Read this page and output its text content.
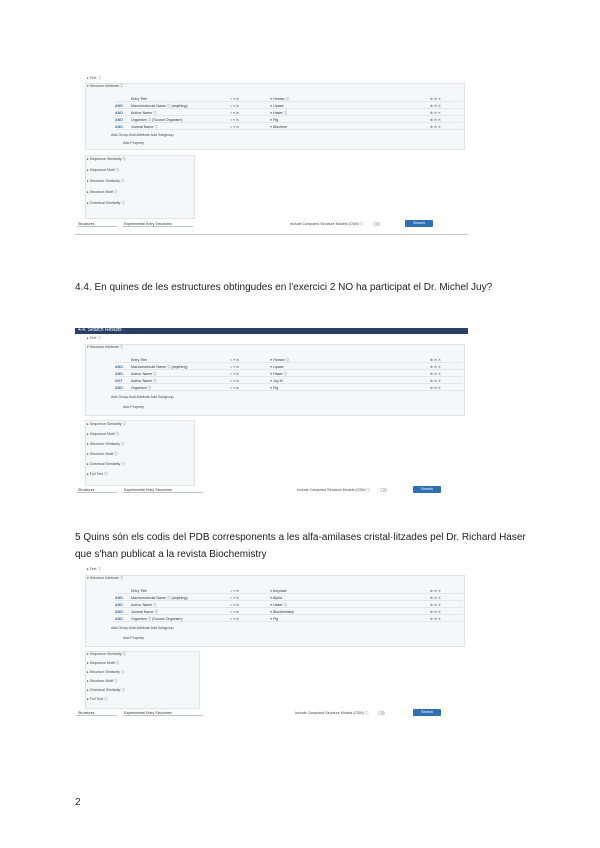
▸ Text ⓘ
▾ Structure Attribute ⓘ
Entry Title	= ≡ is	≡ Human ⓘ	⊕ ⊖ ✕
AND Macromolecule Name ⓘ (anything)	= ≡ is	≡ Lipase	⊕ ⊖ ✕
AND Author Name ⓘ	= ≡ is	≡ Haser ⓘ	⊕ ⊖ ✕
AND Organism ⓘ (Source Organism)	= ≡ is	≡ Pig	⊕ ⊖ ✕
AND Journal Name ⓘ	= ≡ is	≡ Biochem	⊕ ⊖ ✕
Add Group Add Attribute Add Subgroup
Add Property
▸ Sequence Similarity ⓘ
▸ Sequence Motif ⓘ
▸ Structure Similarity ⓘ
▸ Structure Motif ⓘ
▸ Chemical Similarity ⓘ
Structures	Experimental Entry Structures	Include Computed Structure Models (CSM) ⓘ	Search
4.4. En quines de les estructures obtingudes en l'exercici 2 NO ha participat el Dr. Michel Juy?
4.4. Search Results
▸ Text ⓘ
▾ Structure Attribute ⓘ
Entry Title	= ≡ is	≡ Human ⓘ	⊕ ⊖ ✕
AND Macromolecule Name ⓘ (anything)	= ≡ is	≡ Lipase	⊕ ⊖ ✕
AND Author Name ⓘ	= ≡ is	≡ Haser ⓘ	⊕ ⊖ ✕
NOT Author Name ⓘ	= ≡ is	≡ Juy M	⊕ ⊖ ✕
AND Organism ⓘ	= ≡ is	≡ Pig	⊕ ⊖ ✕
Add Group Add Attribute Add Subgroup
Add Property
▸ Sequence Similarity ⓘ
▸ Sequence Motif ⓘ
▸ Structure Similarity ⓘ
▸ Structure Motif ⓘ
▸ Chemical Similarity ⓘ
▸ Full Text ⓘ
Structures	Experimental Entry Structures	Include Computed Structure Models (CSM) ⓘ	Search
5 Quins són els codis del PDB corresponents a les alfa-amilases cristal·litzades pel Dr. Richard Haser que s'han publicat a la revista Biochemistry
▸ Text ⓘ
▾ Structure Attribute ⓘ
Entry Title	= ≡ is	≡ Amylase	⊕ ⊖ ✕
AND Macromolecule Name ⓘ (anything)	= ≡ is	≡ Alpha	⊕ ⊖ ✕
AND Author Name ⓘ	= ≡ is	≡ Haser ⓘ	⊕ ⊖ ✕
AND Journal Name ⓘ	= ≡ is	≡ Biochemistry	⊕ ⊖ ✕
AND Organism ⓘ (Source Organism)	= ≡ is	≡ Pig	⊕ ⊖ ✕
Add Group Add Attribute Add Subgroup
Add Property
▸ Sequence Similarity ⓘ
▸ Sequence Motif ⓘ
▸ Structure Similarity ⓘ
▸ Structure Motif ⓘ
▸ Chemical Similarity ⓘ
▸ Full Text ⓘ
Structures	Experimental Entry Structures	Include Computed Structure Models (CSM) ⓘ	Search
2
